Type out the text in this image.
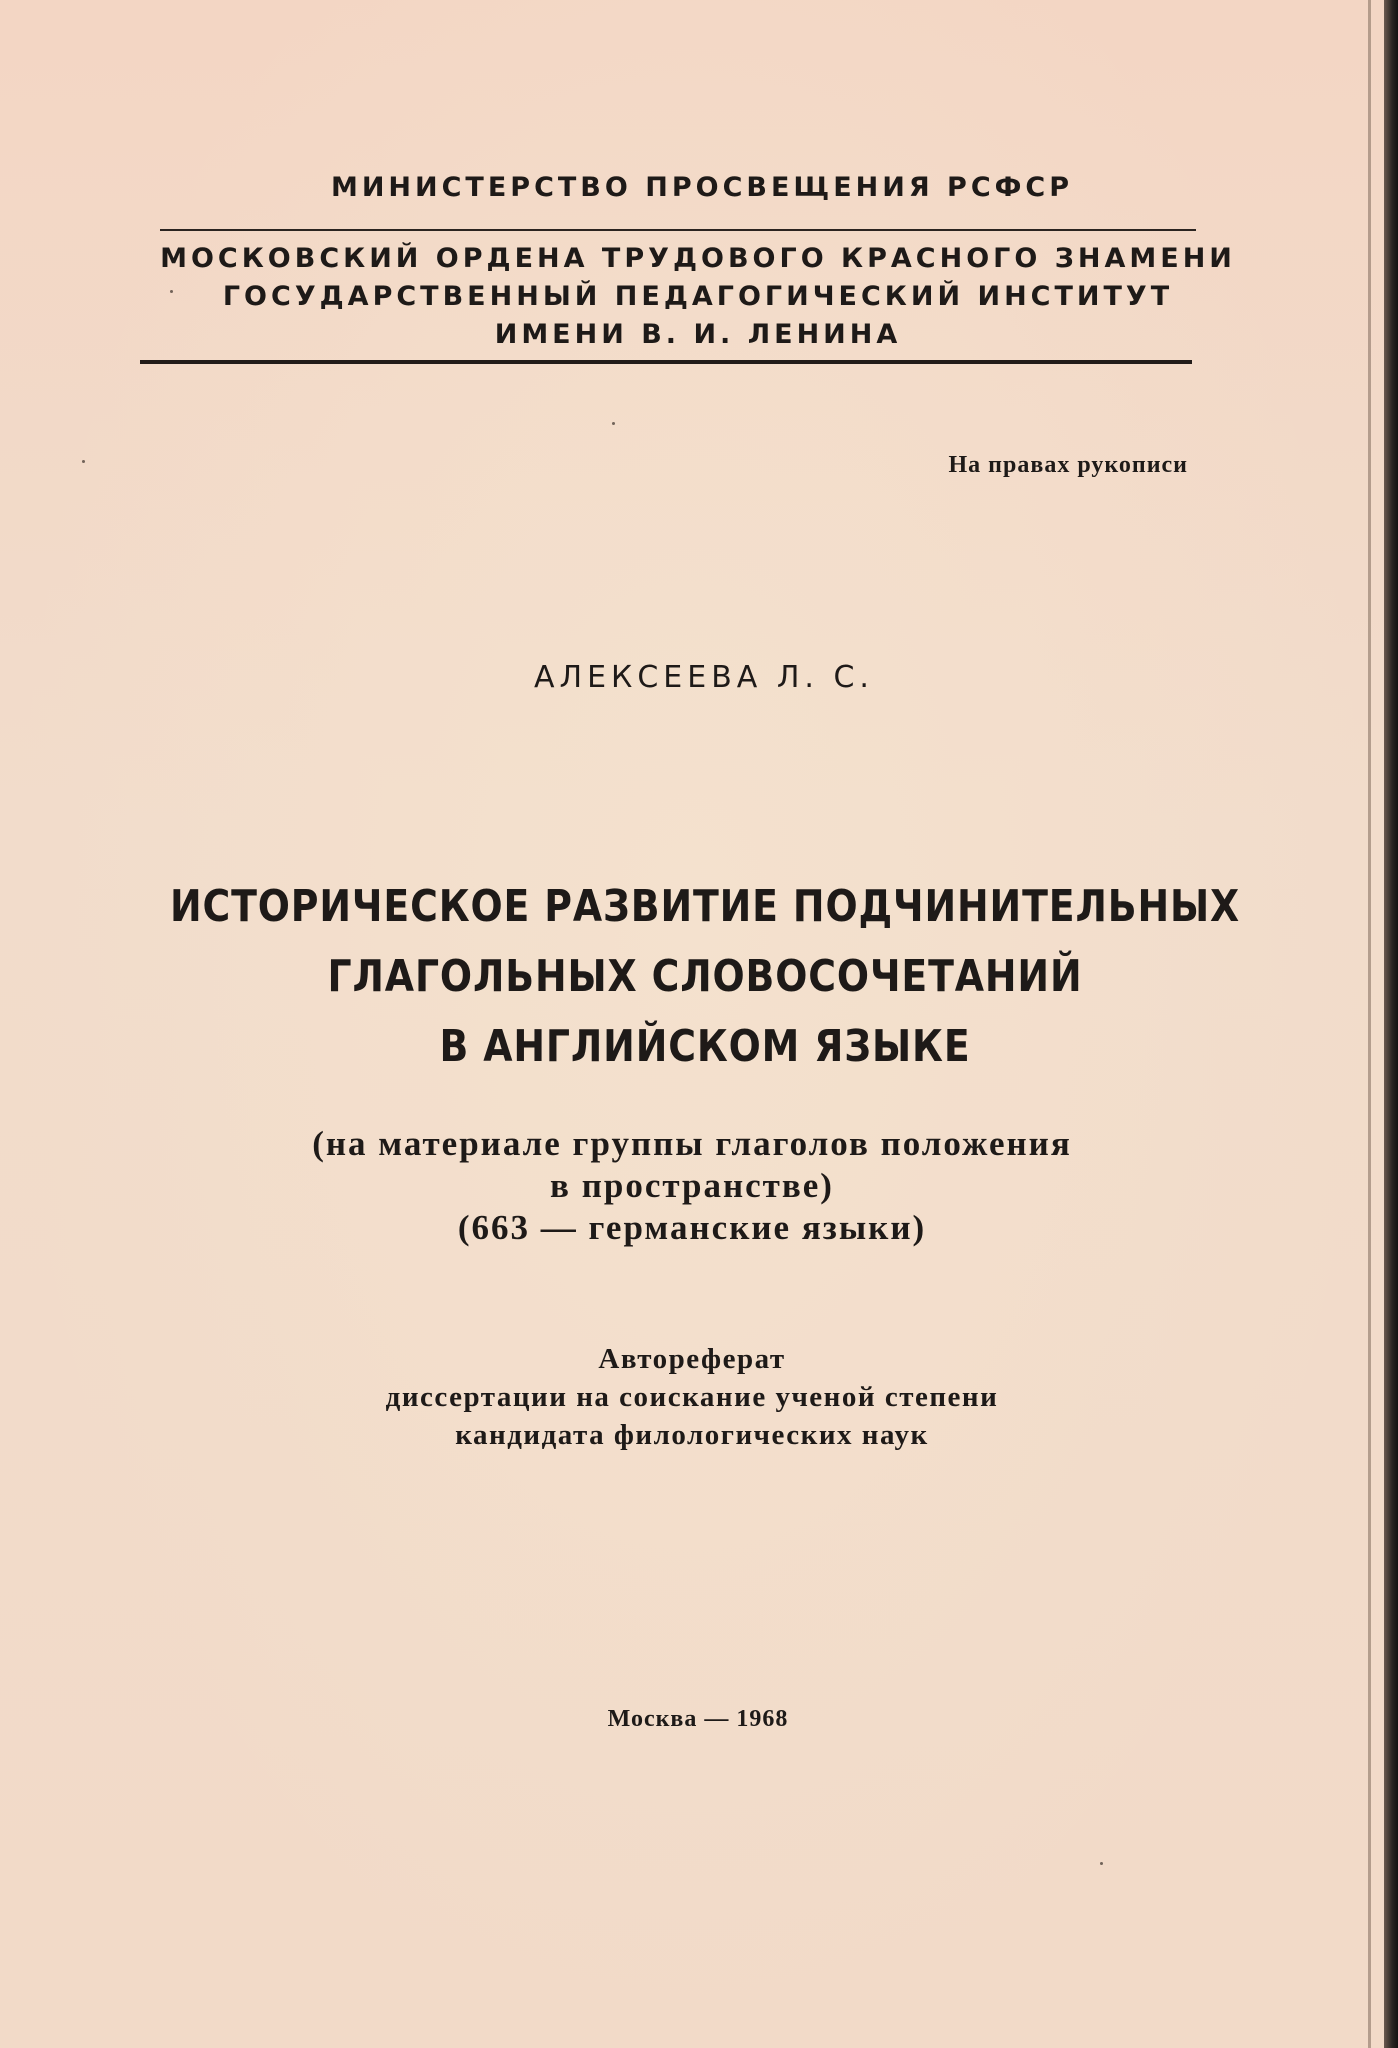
МИНИСТЕРСТВО ПРОСВЕЩЕНИЯ РСФСР
МОСКОВСКИЙ ОРДЕНА ТРУДОВОГО КРАСНОГО ЗНАМЕНИ
ГОСУДАРСТВЕННЫЙ ПЕДАГОГИЧЕСКИЙ ИНСТИТУТ
ИМЕНИ В. И. ЛЕНИНА
На правах рукописи
АЛЕКСЕЕВА Л. С.
ИСТОРИЧЕСКОЕ РАЗВИТИЕ ПОДЧИНИТЕЛЬНЫХ
ГЛАГОЛЬНЫХ СЛОВОСОЧЕТАНИЙ
В АНГЛИЙСКОМ ЯЗЫКЕ
(на материале группы глаголов положения
в пространстве)
(663 — германские языки)
Автореферат
диссертации на соискание ученой степени
кандидата филологических наук
Москва — 1968
